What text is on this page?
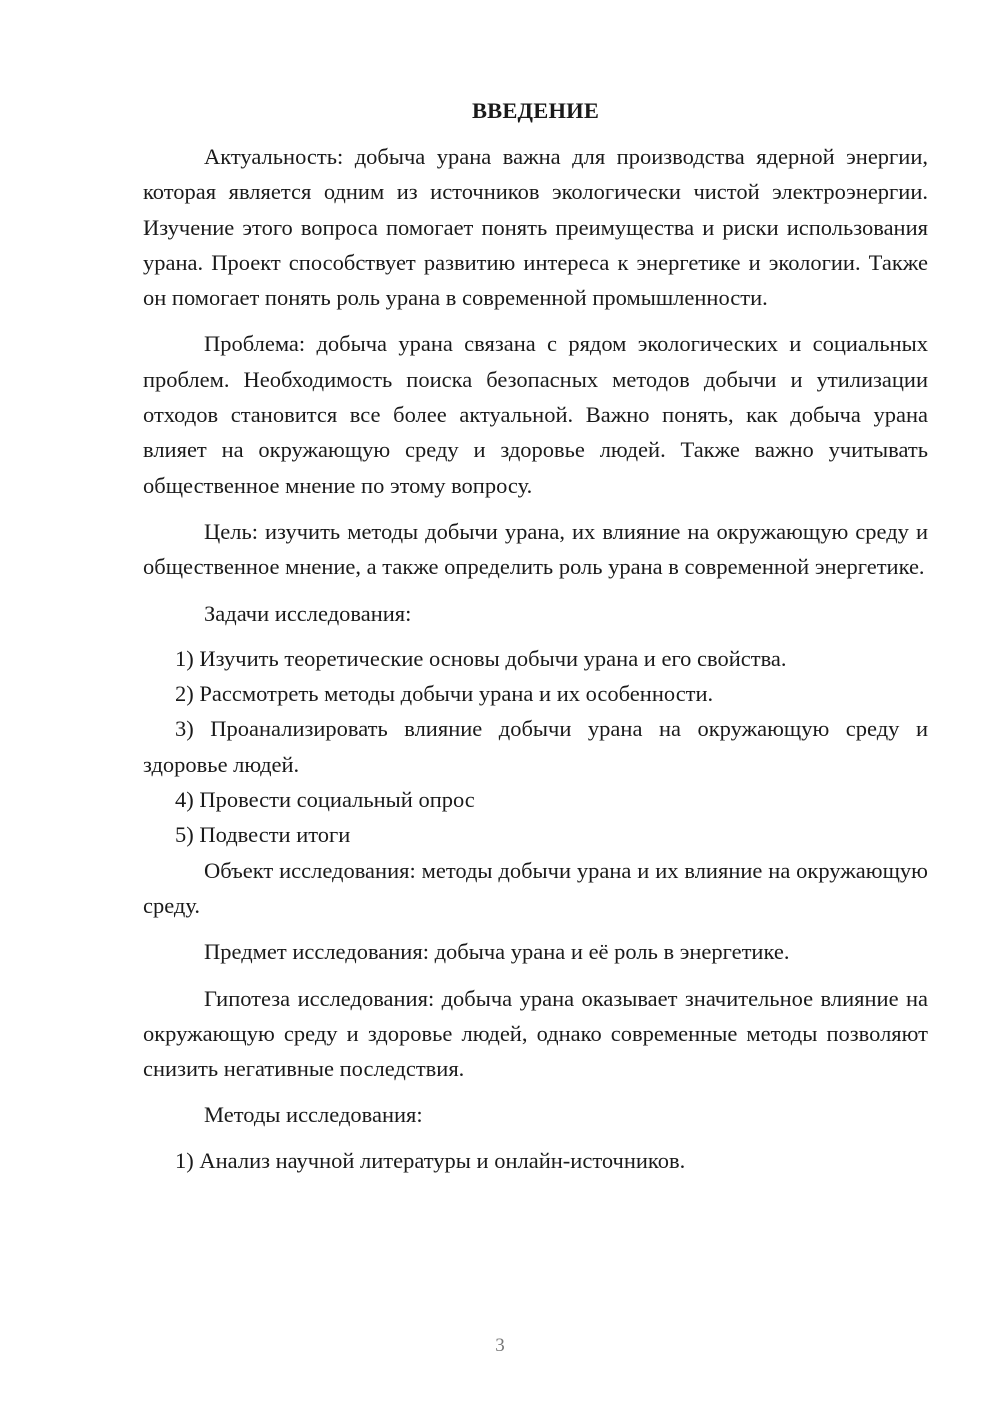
ВВЕДЕНИЕ

Актуальность: добыча урана важна для производства ядерной энергии, которая является одним из источников экологически чистой электроэнергии. Изучение этого вопроса помогает понять преимущества и риски использования урана. Проект способствует развитию интереса к энергетике и экологии. Также он помогает понять роль урана в современной промышленности.

Проблема: добыча урана связана с рядом экологических и социальных проблем. Необходимость поиска безопасных методов добычи и утилизации отходов становится все более актуальной. Важно понять, как добыча урана влияет на окружающую среду и здоровье людей. Также важно учитывать общественное мнение по этому вопросу.

Цель: изучить методы добычи урана, их влияние на окружающую среду и общественное мнение, а также определить роль урана в современной энергетике.

Задачи исследования:

1) Изучить теоретические основы добычи урана и его свойства.

2) Рассмотреть методы добычи урана и их особенности.

3) Проанализировать влияние добычи урана на окружающую среду и здоровье людей.

4) Провести социальный опрос

5) Подвести итоги

Объект исследования: методы добычи урана и их влияние на окружающую среду.

Предмет исследования: добыча урана и её роль в энергетике.

Гипотеза исследования: добыча урана оказывает значительное влияние на окружающую среду и здоровье людей, однако современные методы позволяют снизить негативные последствия.

Методы исследования:

1) Анализ научной литературы и онлайн-источников.

3
